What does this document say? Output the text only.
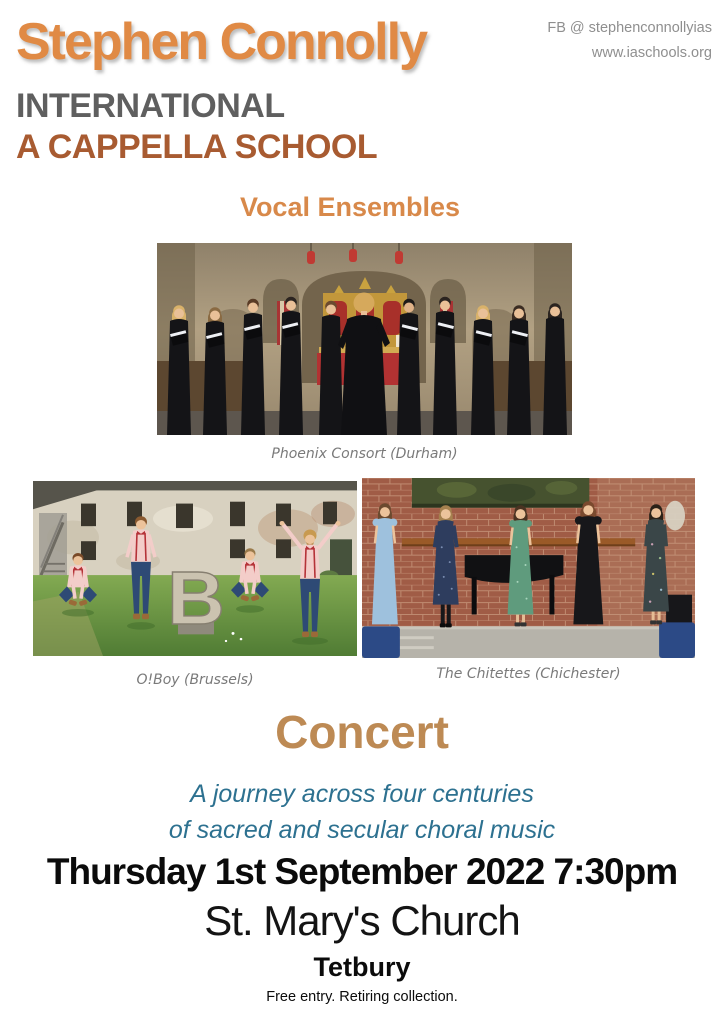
Stephen Connolly
INTERNATIONAL
A CAPPELLA SCHOOL
FB @ stephenconnollyias
www.iaschools.org
Vocal Ensembles
Phoenix Consort (Durham)
B
O!Boy (Brussels)	The Chitettes (Chichester)
Concert
A journey across four centuries
of sacred and secular choral music
Thursday 1st September 2022 7:30pm
St. Mary's Church
Tetbury
Free entry. Retiring collection.
